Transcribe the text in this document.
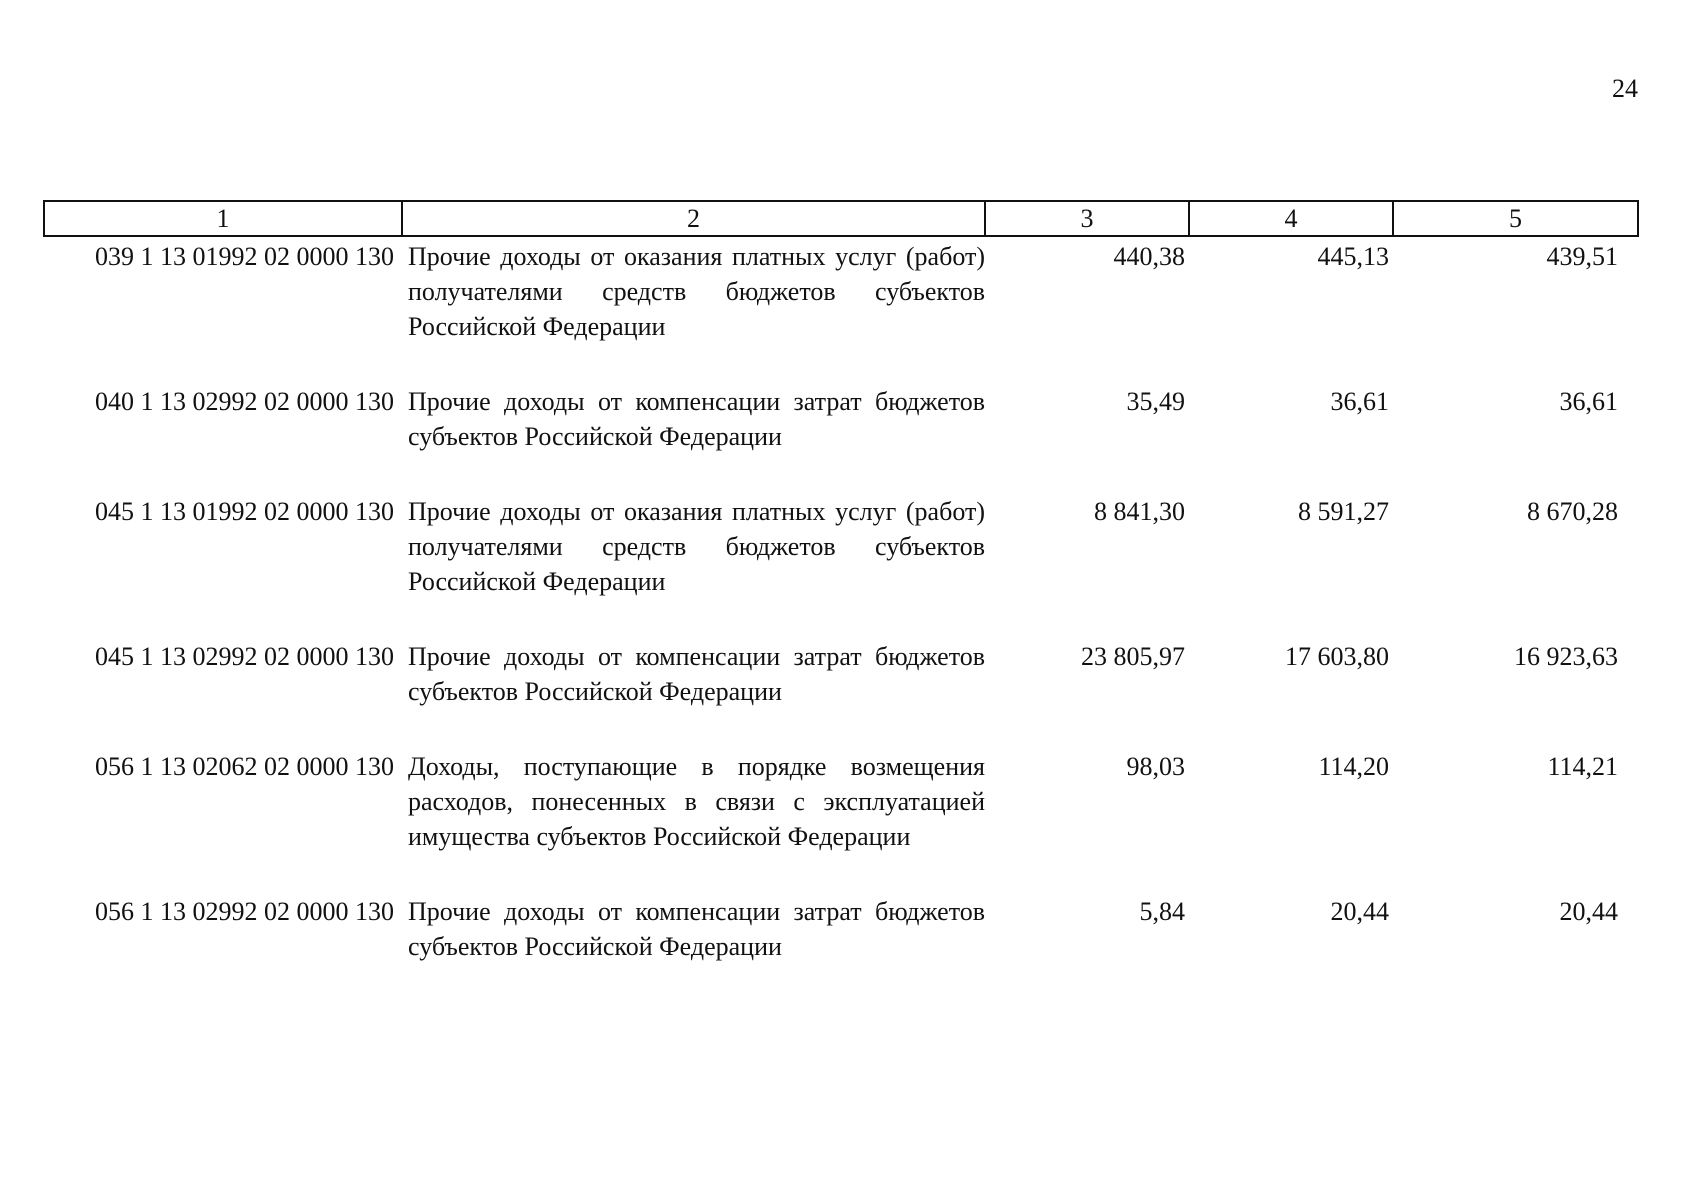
24
1	2	3	4	5
039 1 13 01992 02 0000 130	Прочие доходы от оказания платных услуг (работ) получателями средств бюджетов субъектов Российской Федерации	440,38	445,13	439,51
040 1 13 02992 02 0000 130	Прочие доходы от компенсации затрат бюджетов субъектов Российской Федерации	35,49	36,61	36,61
045 1 13 01992 02 0000 130	Прочие доходы от оказания платных услуг (работ) получателями средств бюджетов субъектов Российской Федерации	8 841,30	8 591,27	8 670,28
045 1 13 02992 02 0000 130	Прочие доходы от компенсации затрат бюджетов субъектов Российской Федерации	23 805,97	17 603,80	16 923,63
056 1 13 02062 02 0000 130	Доходы, поступающие в порядке возмещения расходов, понесенных в связи с эксплуатацией имущества субъектов Российской Федерации	98,03	114,20	114,21
056 1 13 02992 02 0000 130	Прочие доходы от компенсации затрат бюджетов субъектов Российской Федерации	5,84	20,44	20,44
